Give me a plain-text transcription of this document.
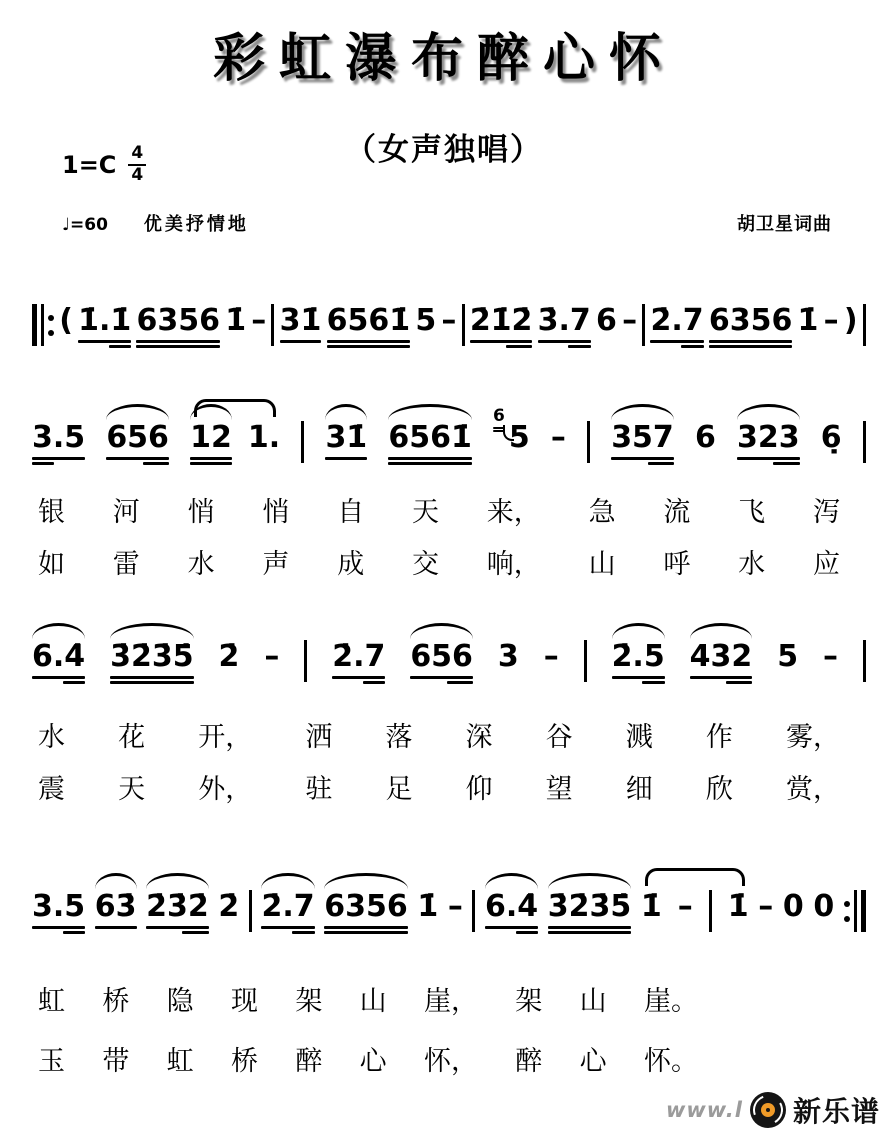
彩虹瀑布醉心怀
（女声独唱）
$1=C \frac{4}{4}$
♩=60 优美抒情地	胡卫星词曲
( 1̇.1̇ 6356 1̇ – 31̇ 6561̇ 5 – 2̇1̇2̇ 3̇.7 6 – 2̇.7 6356 1̇ – )
3.5 656 12 1. 31̇ 6561̇
6
5 – 357 6 323 6̣
银 河 悄 悄 自 天 来， 急 流 飞 泻
如 雷 水 声 成 交 响， 山 呼 水 应
6.4̇ 3̇2̇3̇5̇ 2̇ – 2̇.7 656 3 – 2̇.5 432 5 –
水 花 开， 洒 落 深 谷 溅 作 雾，
震 天 外， 驻 足 仰 望 细 欣 赏，
3.5 63̇ 2̇3̇2̇ 2̇ 2̇.7 6356 1̇ – 6.4̇ 3̇2̇3̇5̇ 1̇ – 1̇ – 0 0
虹 桥 隐 现 架 山 崖， 架 山 崖。
玉 带 虹 桥 醉 心 怀， 醉 心 怀。
www.l 新乐谱
